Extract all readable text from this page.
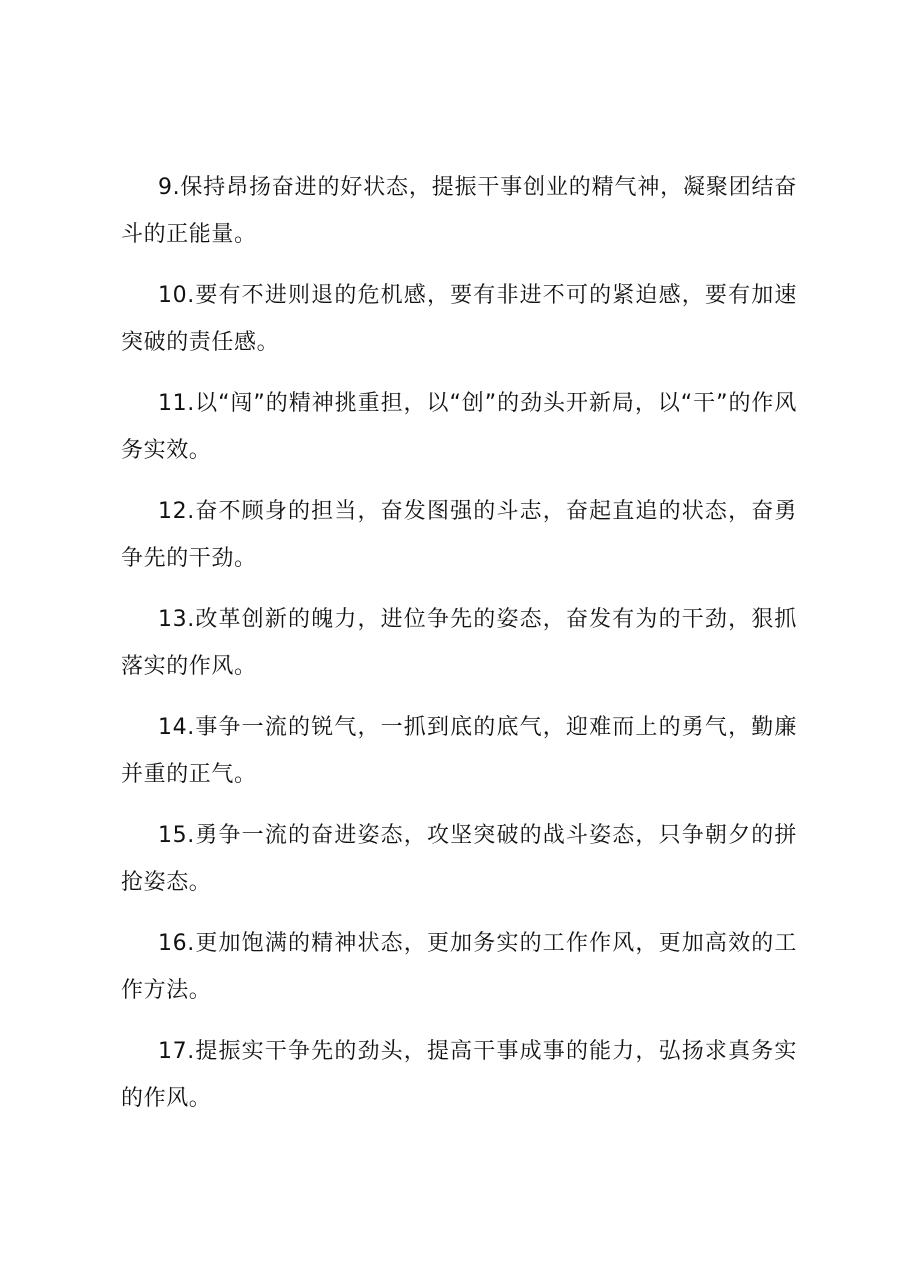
9.保持昂扬奋进的好状态，提振干事创业的精气神，凝聚团结奋斗的正能量。

10.要有不进则退的危机感，要有非进不可的紧迫感，要有加速突破的责任感。

11.以“闯”的精神挑重担，以“创”的劲头开新局，以“干”的作风务实效。

12.奋不顾身的担当，奋发图强的斗志，奋起直追的状态，奋勇争先的干劲。

13.改革创新的魄力，进位争先的姿态，奋发有为的干劲，狠抓落实的作风。

14.事争一流的锐气，一抓到底的底气，迎难而上的勇气，勤廉并重的正气。

15.勇争一流的奋进姿态，攻坚突破的战斗姿态，只争朝夕的拼抢姿态。

16.更加饱满的精神状态，更加务实的工作作风，更加高效的工作方法。

17.提振实干争先的劲头，提高干事成事的能力，弘扬求真务实的作风。
